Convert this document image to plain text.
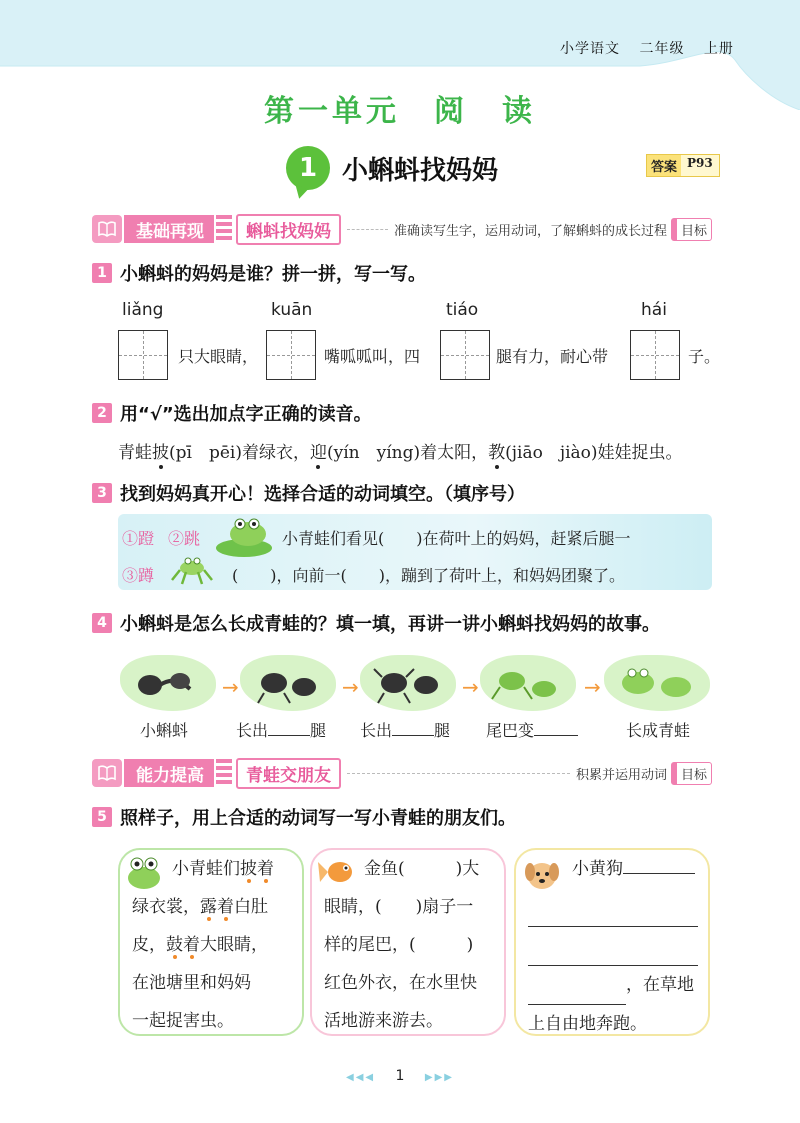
小学语文 二年级 上册
第一单元　阅　读
1 小蝌蚪找妈妈	答案 P93
基础再现	蝌蚪找妈妈	准确读写生字，运用动词，了解蝌蚪的成长过程	目标
1 小蝌蚪的妈妈是谁？拼一拼，写一写。
liǎng	kuān	tiáo	hái
只大眼睛，	嘴呱呱叫，四	腿有力，耐心带	子。
2 用“√”选出加点字正确的读音。
青蛙披(pī　pēi)着绿衣，迎(yín　yíng)着太阳，教(jiāo　jiào)娃娃捉虫。
3 找到妈妈真开心！选择合适的动词填空。（填序号）
①蹬 ②跳
③蹲
小青蛙们看见(　　)在荷叶上的妈妈，赶紧后腿一
(　　)，向前一(　　)，蹦到了荷叶上，和妈妈团聚了。
4 小蝌蚪是怎么长成青蛙的？填一填，再讲一讲小蝌蚪找妈妈的故事。
→	→	→	→
小蝌蚪	长出	腿 长出	腿 尾巴变	长成青蛙
能力提高	青蛙交朋友	积累并运用动词	目标
5 照样子，用上合适的动词写一写小青蛙的朋友们。
小青蛙们披着
绿衣裳，露着白肚
皮，鼓着大眼睛，
在池塘里和妈妈
一起捉害虫。
金鱼(　　　)大
眼睛，(　　)扇子一
样的尾巴，(　　　)
红色外衣，在水里快
活地游来游去。
小黄狗

，在草地
上自由地奔跑。
◀◀◀ 1 ▶▶▶
